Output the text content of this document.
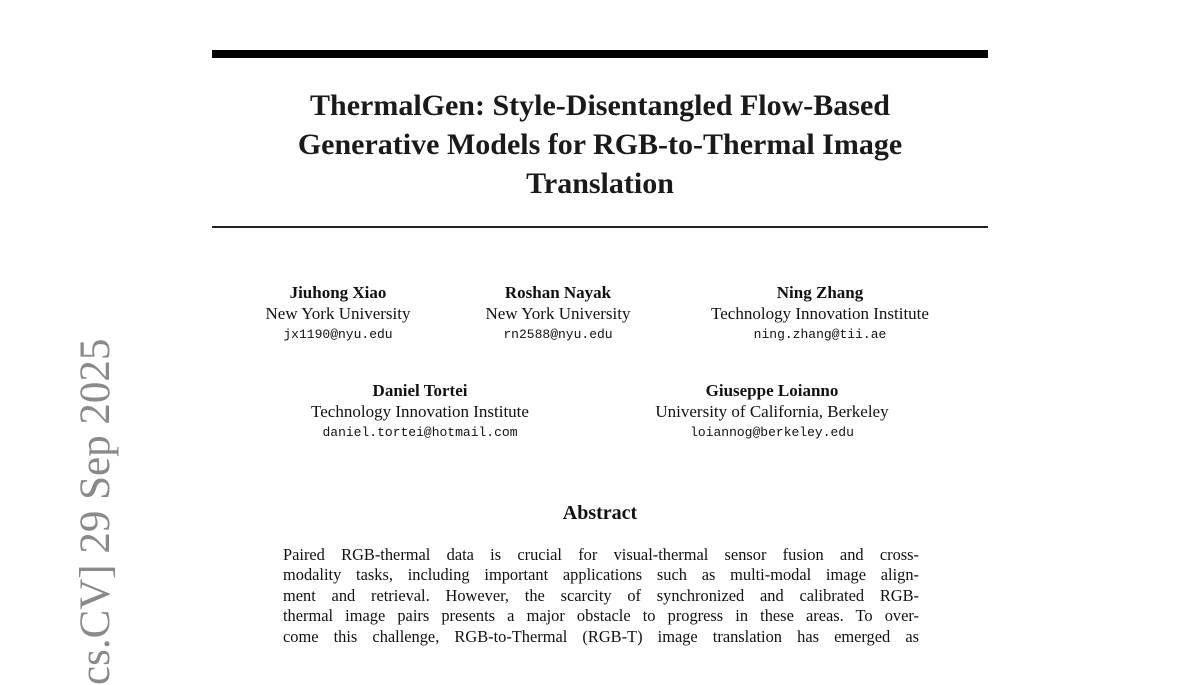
ThermalGen: Style-Disentangled Flow-Based
Generative Models for RGB-to-Thermal Image
Translation
Jiuhong Xiao
New York University
jx1190@nyu.edu
Roshan Nayak
New York University
rn2588@nyu.edu
Ning Zhang
Technology Innovation Institute
ning.zhang@tii.ae
Daniel Tortei
Technology Innovation Institute
daniel.tortei@hotmail.com
Giuseppe Loianno
University of California, Berkeley
loiannog@berkeley.edu
Abstract
Paired RGB-thermal data is crucial for visual-thermal sensor fusion and cross-
modality tasks, including important applications such as multi-modal image align-
ment and retrieval. However, the scarcity of synchronized and calibrated RGB-
thermal image pairs presents a major obstacle to progress in these areas. To over-
come this challenge, RGB-to-Thermal (RGB-T) image translation has emerged as
cs.CV] 29 Sep 2025
